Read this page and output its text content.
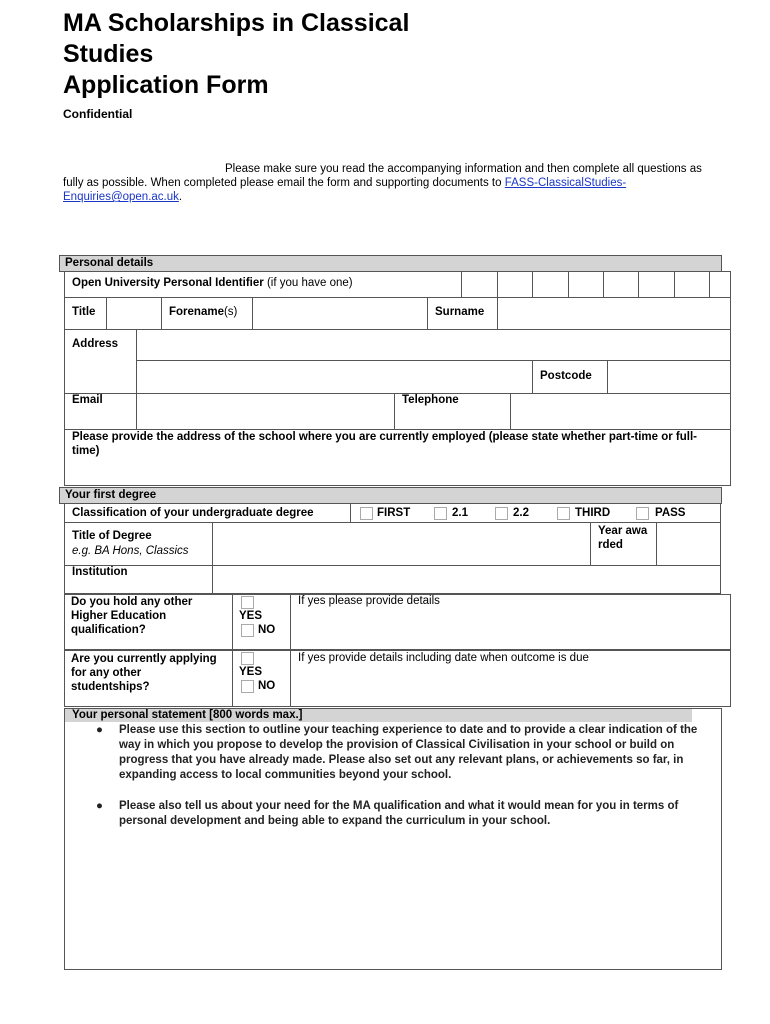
MA Scholarships in Classical
Studies
Application Form
Confidential
Please make sure you read the accompanying information and then complete all questions as fully as possible. When completed please email the form and supporting documents to FASS-ClassicalStudies-Enquiries@open.ac.uk.
Personal details
Open University Personal Identifier (if you have one)
Title	Forename(s)	Surname
Address
Postcode
Email	Telephone
Please provide the address of the school where you are currently employed (please state whether part-time or full-time)
Your first degree
Classification of your undergraduate degree	FIRST	2.1	2.2	THIRD	PASS
Title of Degree
e.g. BA Hons, Classics
Year awarded
Institution
Do you hold any other Higher Education qualification?
YES
NO
If yes please provide details
Are you currently applying for any other studentships?
YES
NO
If yes provide details including date when outcome is due
Your personal statement [800 words max.]
● Please use this section to outline your teaching experience to date and to provide a clear indication of the way in which you propose to develop the provision of Classical Civilisation in your school or build on progress that you have already made. Please also set out any relevant plans, or achievements so far, in expanding access to local communities beyond your school.
● Please also tell us about your need for the MA qualification and what it would mean for you in terms of personal development and being able to expand the curriculum in your school.
